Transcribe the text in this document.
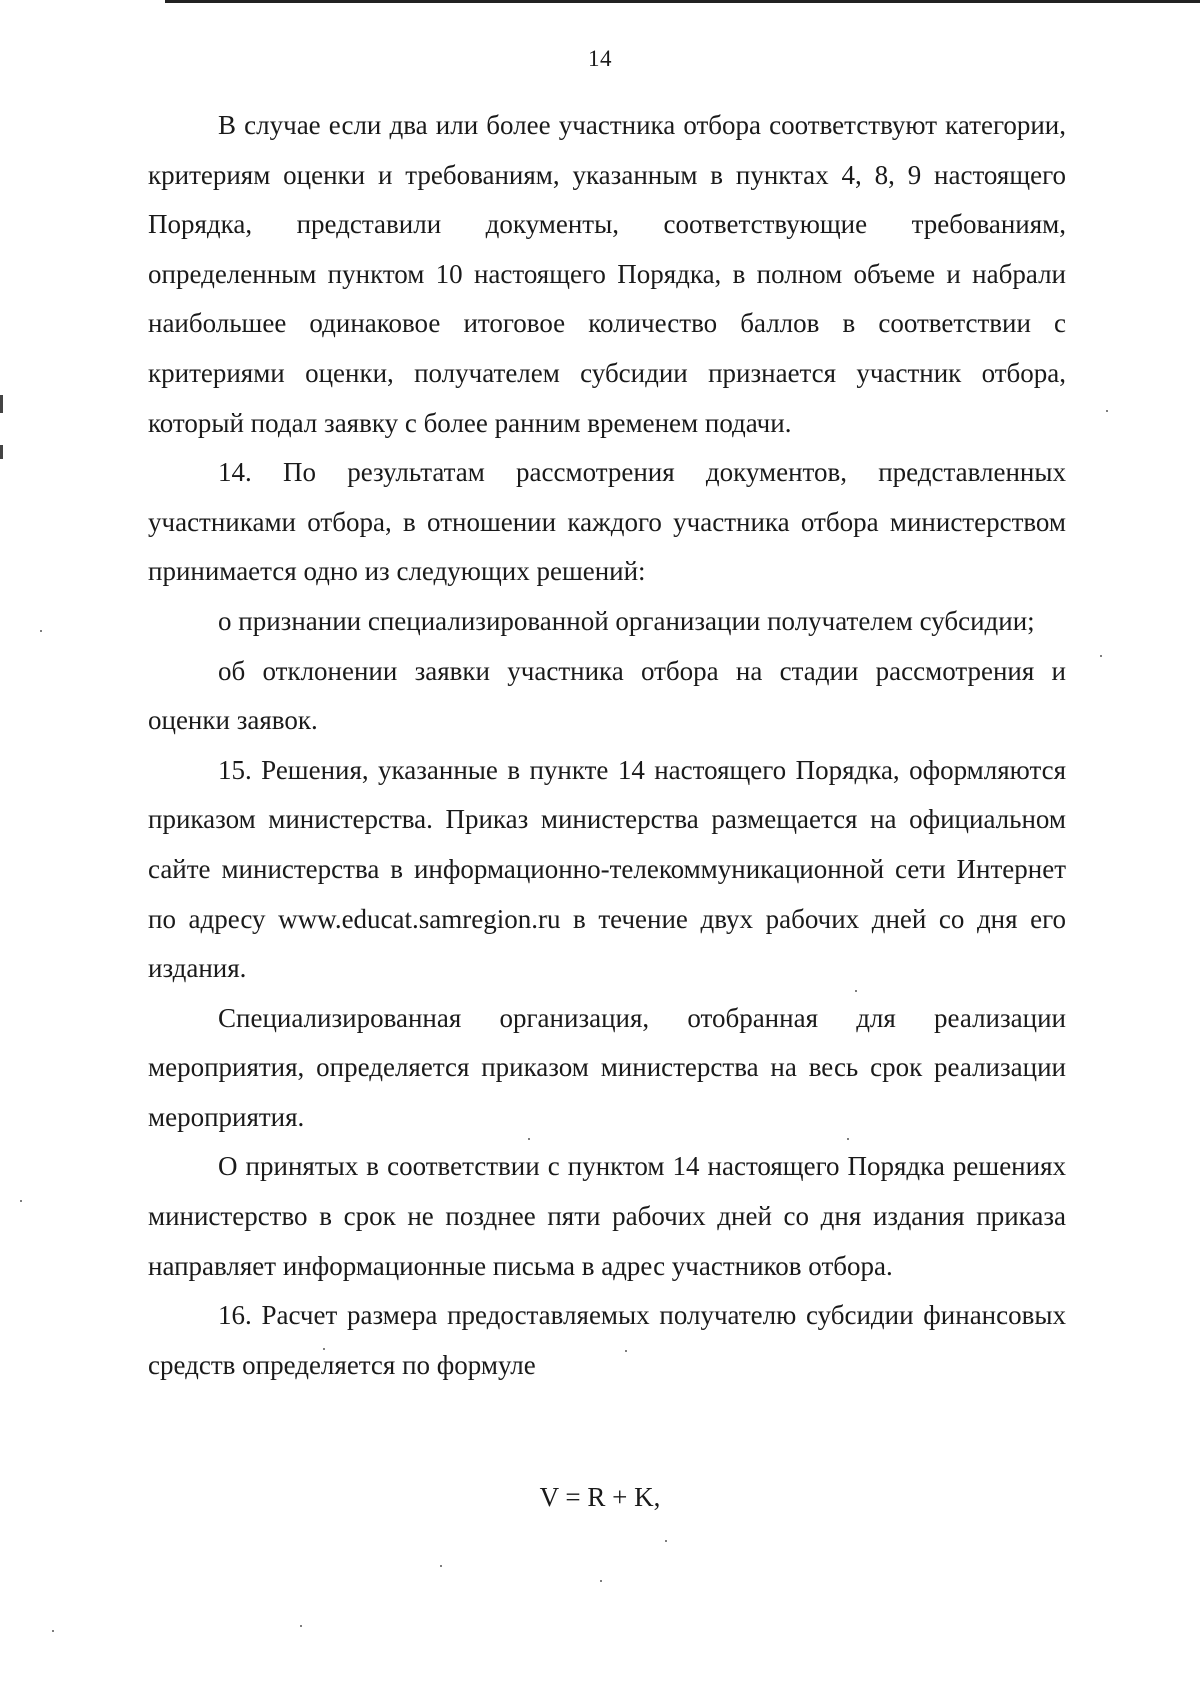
14

В случае если два или более участника отбора соответствуют категории, критериям оценки и требованиям, указанным в пунктах 4, 8, 9 настоящего Порядка, представили документы, соответствующие требованиям, определенным пунктом 10 настоящего Порядка, в полном объеме и набрали наибольшее одинаковое итоговое количество баллов в соответствии с критериями оценки, получателем субсидии признается участник отбора, который подал заявку с более ранним временем подачи.

14. По результатам рассмотрения документов, представленных участниками отбора, в отношении каждого участника отбора министерством принимается одно из следующих решений:

о признании специализированной организации получателем субсидии;

об отклонении заявки участника отбора на стадии рассмотрения и оценки заявок.

15. Решения, указанные в пункте 14 настоящего Порядка, оформляются приказом министерства. Приказ министерства размещается на официальном сайте министерства в информационно-телекоммуникационной сети Интернет по адресу www.educat.samregion.ru в течение двух рабочих дней со дня его издания.

Специализированная организация, отобранная для реализации мероприятия, определяется приказом министерства на весь срок реализации мероприятия.

О принятых в соответствии с пунктом 14 настоящего Порядка решениях министерство в срок не позднее пяти рабочих дней со дня издания приказа направляет информационные письма в адрес участников отбора.

16. Расчет размера предоставляемых получателю субсидии финансовых средств определяется по формуле

V = R + K,
